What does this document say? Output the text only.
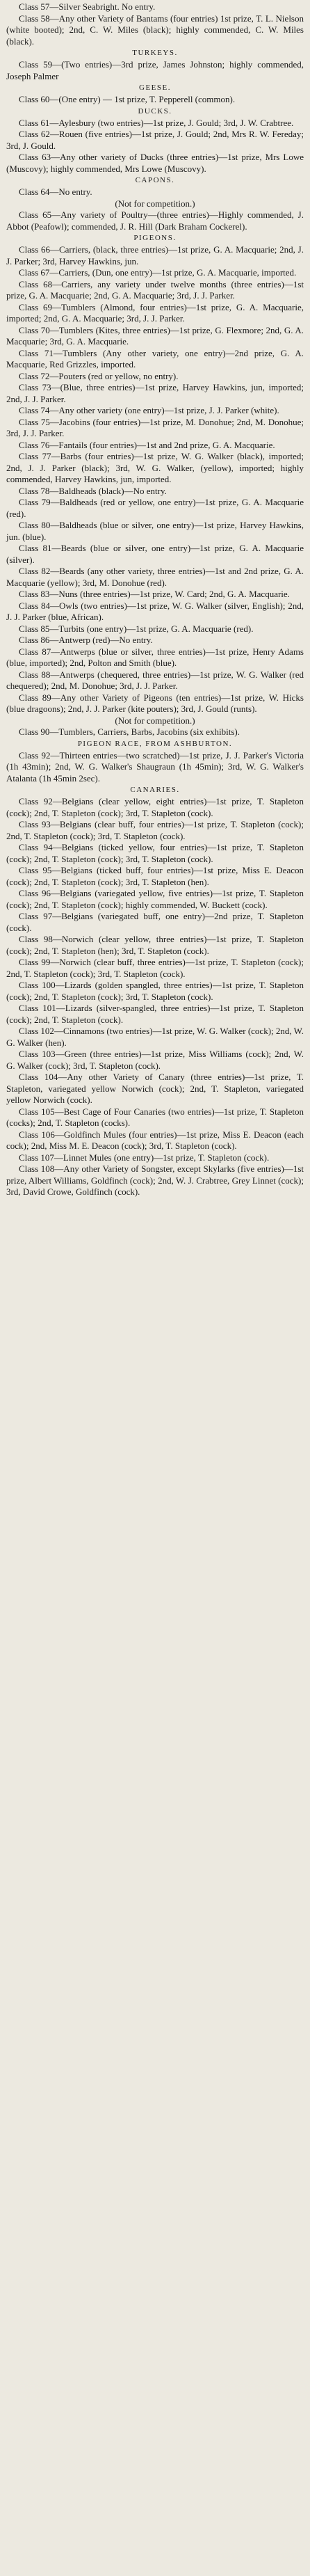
Class 57—Silver Seabright. No entry.

Class 58—Any other Variety of Bantams (four entries) 1st prize, T. L. Nielson (white booted); 2nd, C. W. Miles (black); highly commended, C. W. Miles (black).

TURKEYS.

Class 59—(Two entries)—3rd prize, James Johnston; highly commended, Joseph Palmer

GEESE.

Class 60—(One entry) — 1st prize, T. Pepperell (common).

DUCKS.

Class 61—Aylesbury (two entries)—1st prize, J. Gould; 3rd, J. W. Crabtree.

Class 62—Rouen (five entries)—1st prize, J. Gould; 2nd, Mrs R. W. Fereday; 3rd, J. Gould.

Class 63—Any other variety of Ducks (three entries)—1st prize, Mrs Lowe (Muscovy); highly commended, Mrs Lowe (Muscovy).

CAPONS.

Class 64—No entry.

(Not for competition.)

Class 65—Any variety of Poultry—(three entries)—Highly commended, J. Abbot (Peafowl); commended, J. R. Hill (Dark Braham Cockerel).

PIGEONS.

Class 66—Carriers, (black, three entries)—1st prize, G. A. Macquarie; 2nd, J. J. Parker; 3rd, Harvey Hawkins, jun.

Class 67—Carriers, (Dun, one entry)—1st prize, G. A. Macquarie, imported.

Class 68—Carriers, any variety under twelve months (three entries)—1st prize, G. A. Macquarie; 2nd, G. A. Macquarie; 3rd, J. J. Parker.

Class 69—Tumblers (Almond, four entries)—1st prize, G. A. Macquarie, imported; 2nd, G. A. Macquarie; 3rd, J. J. Parker.

Class 70—Tumblers (Kites, three entries)—1st prize, G. Flexmore; 2nd, G. A. Macquarie; 3rd, G. A. Macquarie.

Class 71—Tumblers (Any other variety, one entry)—2nd prize, G. A. Macquarie, Red Grizzles, imported.

Class 72—Pouters (red or yellow, no entry).

Class 73—(Blue, three entries)—1st prize, Harvey Hawkins, jun, imported; 2nd, J. J. Parker.

Class 74—Any other variety (one entry)—1st prize, J. J. Parker (white).

Class 75—Jacobins (four entries)—1st prize, M. Donohue; 2nd, M. Donohue; 3rd, J. J. Parker.

Class 76—Fantails (four entries)—1st and 2nd prize, G. A. Macquarie.

Class 77—Barbs (four entries)—1st prize, W. G. Walker (black), imported; 2nd, J. J. Parker (black); 3rd, W. G. Walker, (yellow), imported; highly commended, Harvey Hawkins, jun, imported.

Class 78—Baldheads (black)—No entry.

Class 79—Baldheads (red or yellow, one entry)—1st prize, G. A. Macquarie (red).

Class 80—Baldheads (blue or silver, one entry)—1st prize, Harvey Hawkins, jun. (blue).

Class 81—Beards (blue or silver, one entry)—1st prize, G. A. Macquarie (silver).

Class 82—Beards (any other variety, three entries)—1st and 2nd prize, G. A. Macquarie (yellow); 3rd, M. Donohue (red).

Class 83—Nuns (three entries)—1st prize, W. Card; 2nd, G. A. Macquarie.

Class 84—Owls (two entries)—1st prize, W. G. Walker (silver, English); 2nd, J. J. Parker (blue, African).

Class 85—Turbits (one entry)—1st prize, G. A. Macquarie (red).

Class 86—Antwerp (red)—No entry.

Class 87—Antwerps (blue or silver, three entries)—1st prize, Henry Adams (blue, imported); 2nd, Polton and Smith (blue).

Class 88—Antwerps (chequered, three entries)—1st prize, W. G. Walker (red chequered); 2nd, M. Donohue; 3rd, J. J. Parker.

Class 89—Any other Variety of Pigeons (ten entries)—1st prize, W. Hicks (blue dragoons); 2nd, J. J. Parker (kite pouters); 3rd, J. Gould (runts).

(Not for competition.)

Class 90—Tumblers, Carriers, Barbs, Jacobins (six exhibits).

PIGEON RACE, FROM ASHBURTON.

Class 92—Thirteen entries—two scratched)—1st prize, J. J. Parker's Victoria (1h 43min); 2nd, W. G. Walker's Shaugraun (1h 45min); 3rd, W. G. Walker's Atalanta (1h 45min 2sec).

CANARIES.

Class 92—Belgians (clear yellow, eight entries)—1st prize, T. Stapleton (cock); 2nd, T. Stapleton (cock); 3rd, T. Stapleton (cock).

Class 93—Belgians (clear buff, four entries)—1st prize, T. Stapleton (cock); 2nd, T. Stapleton (cock); 3rd, T. Stapleton (cock).

Class 94—Belgians (ticked yellow, four entries)—1st prize, T. Stapleton (cock); 2nd, T. Stapleton (cock); 3rd, T. Stapleton (cock).

Class 95—Belgians (ticked buff, four entries)—1st prize, Miss E. Deacon (cock); 2nd, T. Stapleton (cock); 3rd, T. Stapleton (hen).

Class 96—Belgians (variegated yellow, five entries)—1st prize, T. Stapleton (cock); 2nd, T. Stapleton (cock); highly commended, W. Buckett (cock).

Class 97—Belgians (variegated buff, one entry)—2nd prize, T. Stapleton (cock).

Class 98—Norwich (clear yellow, three entries)—1st prize, T. Stapleton (cock); 2nd, T. Stapleton (hen); 3rd, T. Stapleton (cock).

Class 99—Norwich (clear buff, three entries)—1st prize, T. Stapleton (cock); 2nd, T. Stapleton (cock); 3rd, T. Stapleton (cock).

Class 100—Lizards (golden spangled, three entries)—1st prize, T. Stapleton (cock); 2nd, T. Stapleton (cock); 3rd, T. Stapleton (cock).

Class 101—Lizards (silver-spangled, three entries)—1st prize, T. Stapleton (cock); 2nd, T. Stapleton (cock).

Class 102—Cinnamons (two entries)—1st prize, W. G. Walker (cock); 2nd, W. G. Walker (hen).

Class 103—Green (three entries)—1st prize, Miss Williams (cock); 2nd, W. G. Walker (cock); 3rd, T. Stapleton (cock).

Class 104—Any other Variety of Canary (three entries)—1st prize, T. Stapleton, variegated yellow Norwich (cock); 2nd, T. Stapleton, variegated yellow Norwich (cock).

Class 105—Best Cage of Four Canaries (two entries)—1st prize, T. Stapleton (cocks); 2nd, T. Stapleton (cocks).

Class 106—Goldfinch Mules (four entries)—1st prize, Miss E. Deacon (each cock); 2nd, Miss M. E. Deacon (cock); 3rd, T. Stapleton (cock).

Class 107—Linnet Mules (one entry)—1st prize, T. Stapleton (cock).

Class 108—Any other Variety of Songster, except Skylarks (five entries)—1st prize, Albert Williams, Goldfinch (cock); 2nd, W. J. Crabtree, Grey Linnet (cock); 3rd, David Crowe, Goldfinch (cock).
